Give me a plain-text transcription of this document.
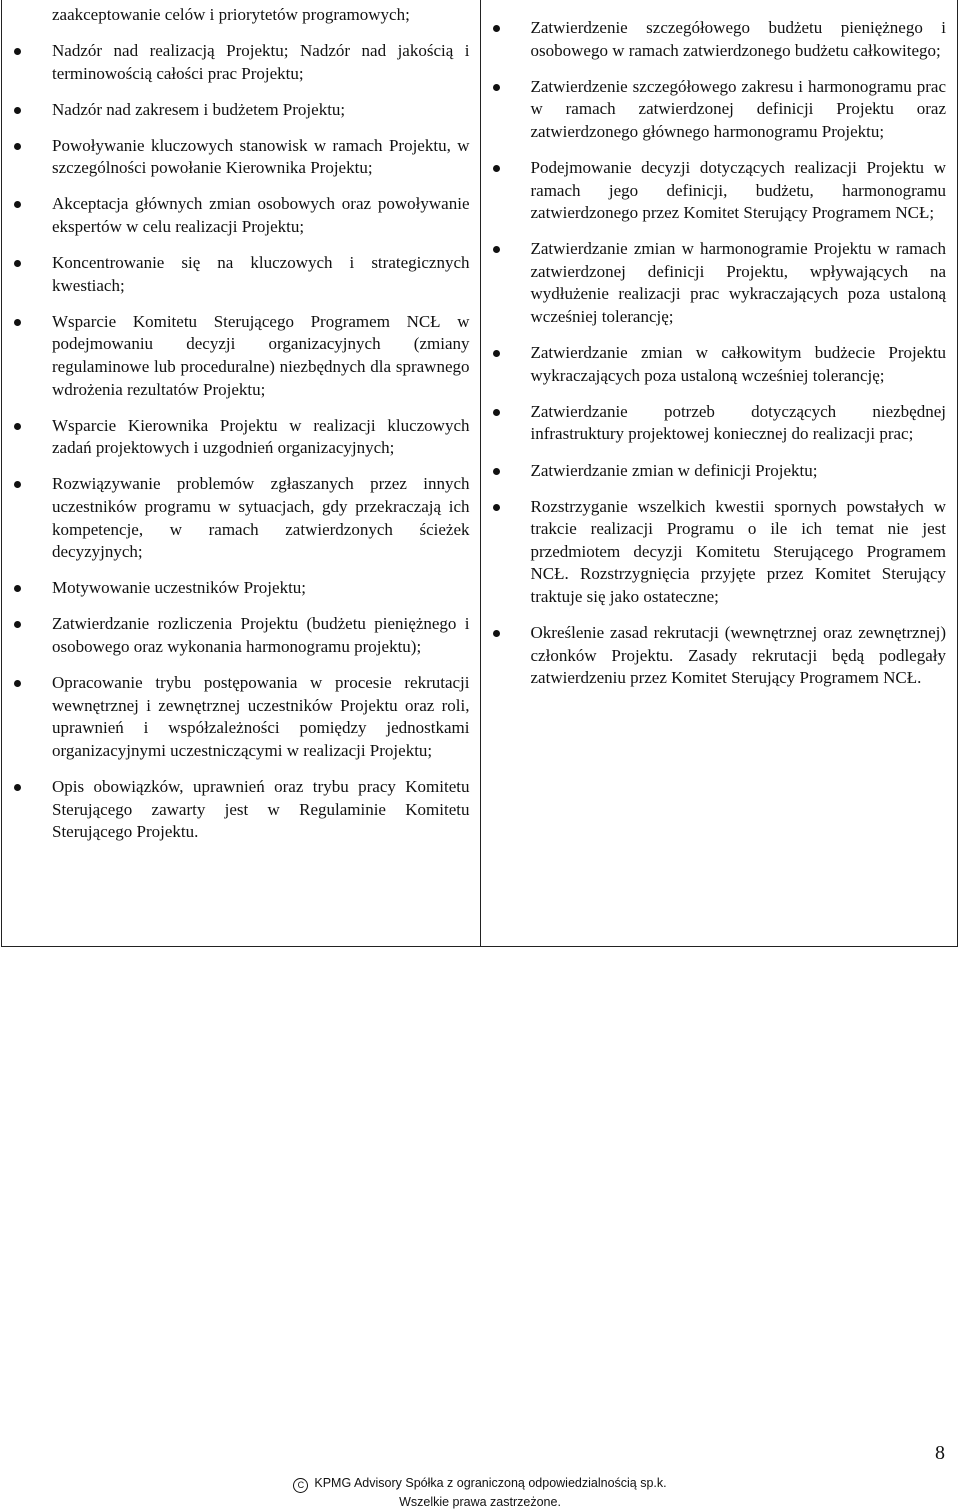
zaakceptowanie celów i priorytetów programowych;
Nadzór nad realizacją Projektu; Nadzór nad jakością i terminowością całości prac Projektu;
Nadzór nad zakresem i budżetem Projektu;
Powoływanie kluczowych stanowisk w ramach Projektu, w szczególności powołanie Kierownika Projektu;
Akceptacja głównych zmian osobowych oraz powoływanie ekspertów w celu realizacji Projektu;
Koncentrowanie się na kluczowych i strategicznych kwestiach;
Wsparcie Komitetu Sterującego Programem NCŁ w podejmowaniu decyzji organizacyjnych (zmiany regulaminowe lub proceduralne) niezbędnych dla sprawnego wdrożenia rezultatów Projektu;
Wsparcie Kierownika Projektu w realizacji kluczowych zadań projektowych i uzgodnień organizacyjnych;
Rozwiązywanie problemów zgłaszanych przez innych uczestników programu w sytuacjach, gdy przekraczają ich kompetencje, w ramach zatwierdzonych ścieżek decyzyjnych;
Motywowanie uczestników Projektu;
Zatwierdzanie rozliczenia Projektu (budżetu pieniężnego i osobowego oraz wykonania harmonogramu projektu);
Opracowanie trybu postępowania w procesie rekrutacji wewnętrznej i zewnętrznej uczestników Projektu oraz roli, uprawnień i współzależności pomiędzy jednostkami organizacyjnymi uczestniczącymi w realizacji Projektu;
Opis obowiązków, uprawnień oraz trybu pracy Komitetu Sterującego zawarty jest w Regulaminie Komitetu Sterującego Projektu.
Zatwierdzenie szczegółowego budżetu pieniężnego i osobowego w ramach zatwierdzonego budżetu całkowitego;
Zatwierdzenie szczegółowego zakresu i harmonogramu prac w ramach zatwierdzonej definicji Projektu oraz zatwierdzonego głównego harmonogramu Projektu;
Podejmowanie decyzji dotyczących realizacji Projektu w ramach jego definicji, budżetu, harmonogramu zatwierdzonego przez Komitet Sterujący Programem NCŁ;
Zatwierdzanie zmian w harmonogramie Projektu w ramach zatwierdzonej definicji Projektu, wpływających na wydłużenie realizacji prac wykraczających poza ustaloną wcześniej tolerancję;
Zatwierdzanie zmian w całkowitym budżecie Projektu wykraczających poza ustaloną wcześniej tolerancję;
Zatwierdzanie potrzeb dotyczących niezbędnej infrastruktury projektowej koniecznej do realizacji prac;
Zatwierdzanie zmian w definicji Projektu;
Rozstrzyganie wszelkich kwestii spornych powstałych w trakcie realizacji Programu o ile ich temat nie jest przedmiotem decyzji Komitetu Sterującego Programem NCŁ. Rozstrzygnięcia przyjęte przez Komitet Sterujący traktuje się jako ostateczne;
Określenie zasad rekrutacji (wewnętrznej oraz zewnętrznej) członków Projektu. Zasady rekrutacji będą podlegały zatwierdzeniu przez Komitet Sterujący Programem NCŁ.
8
C KPMG Advisory Spółka z ograniczoną odpowiedzialnością sp.k.
Wszelkie prawa zastrzeżone.
